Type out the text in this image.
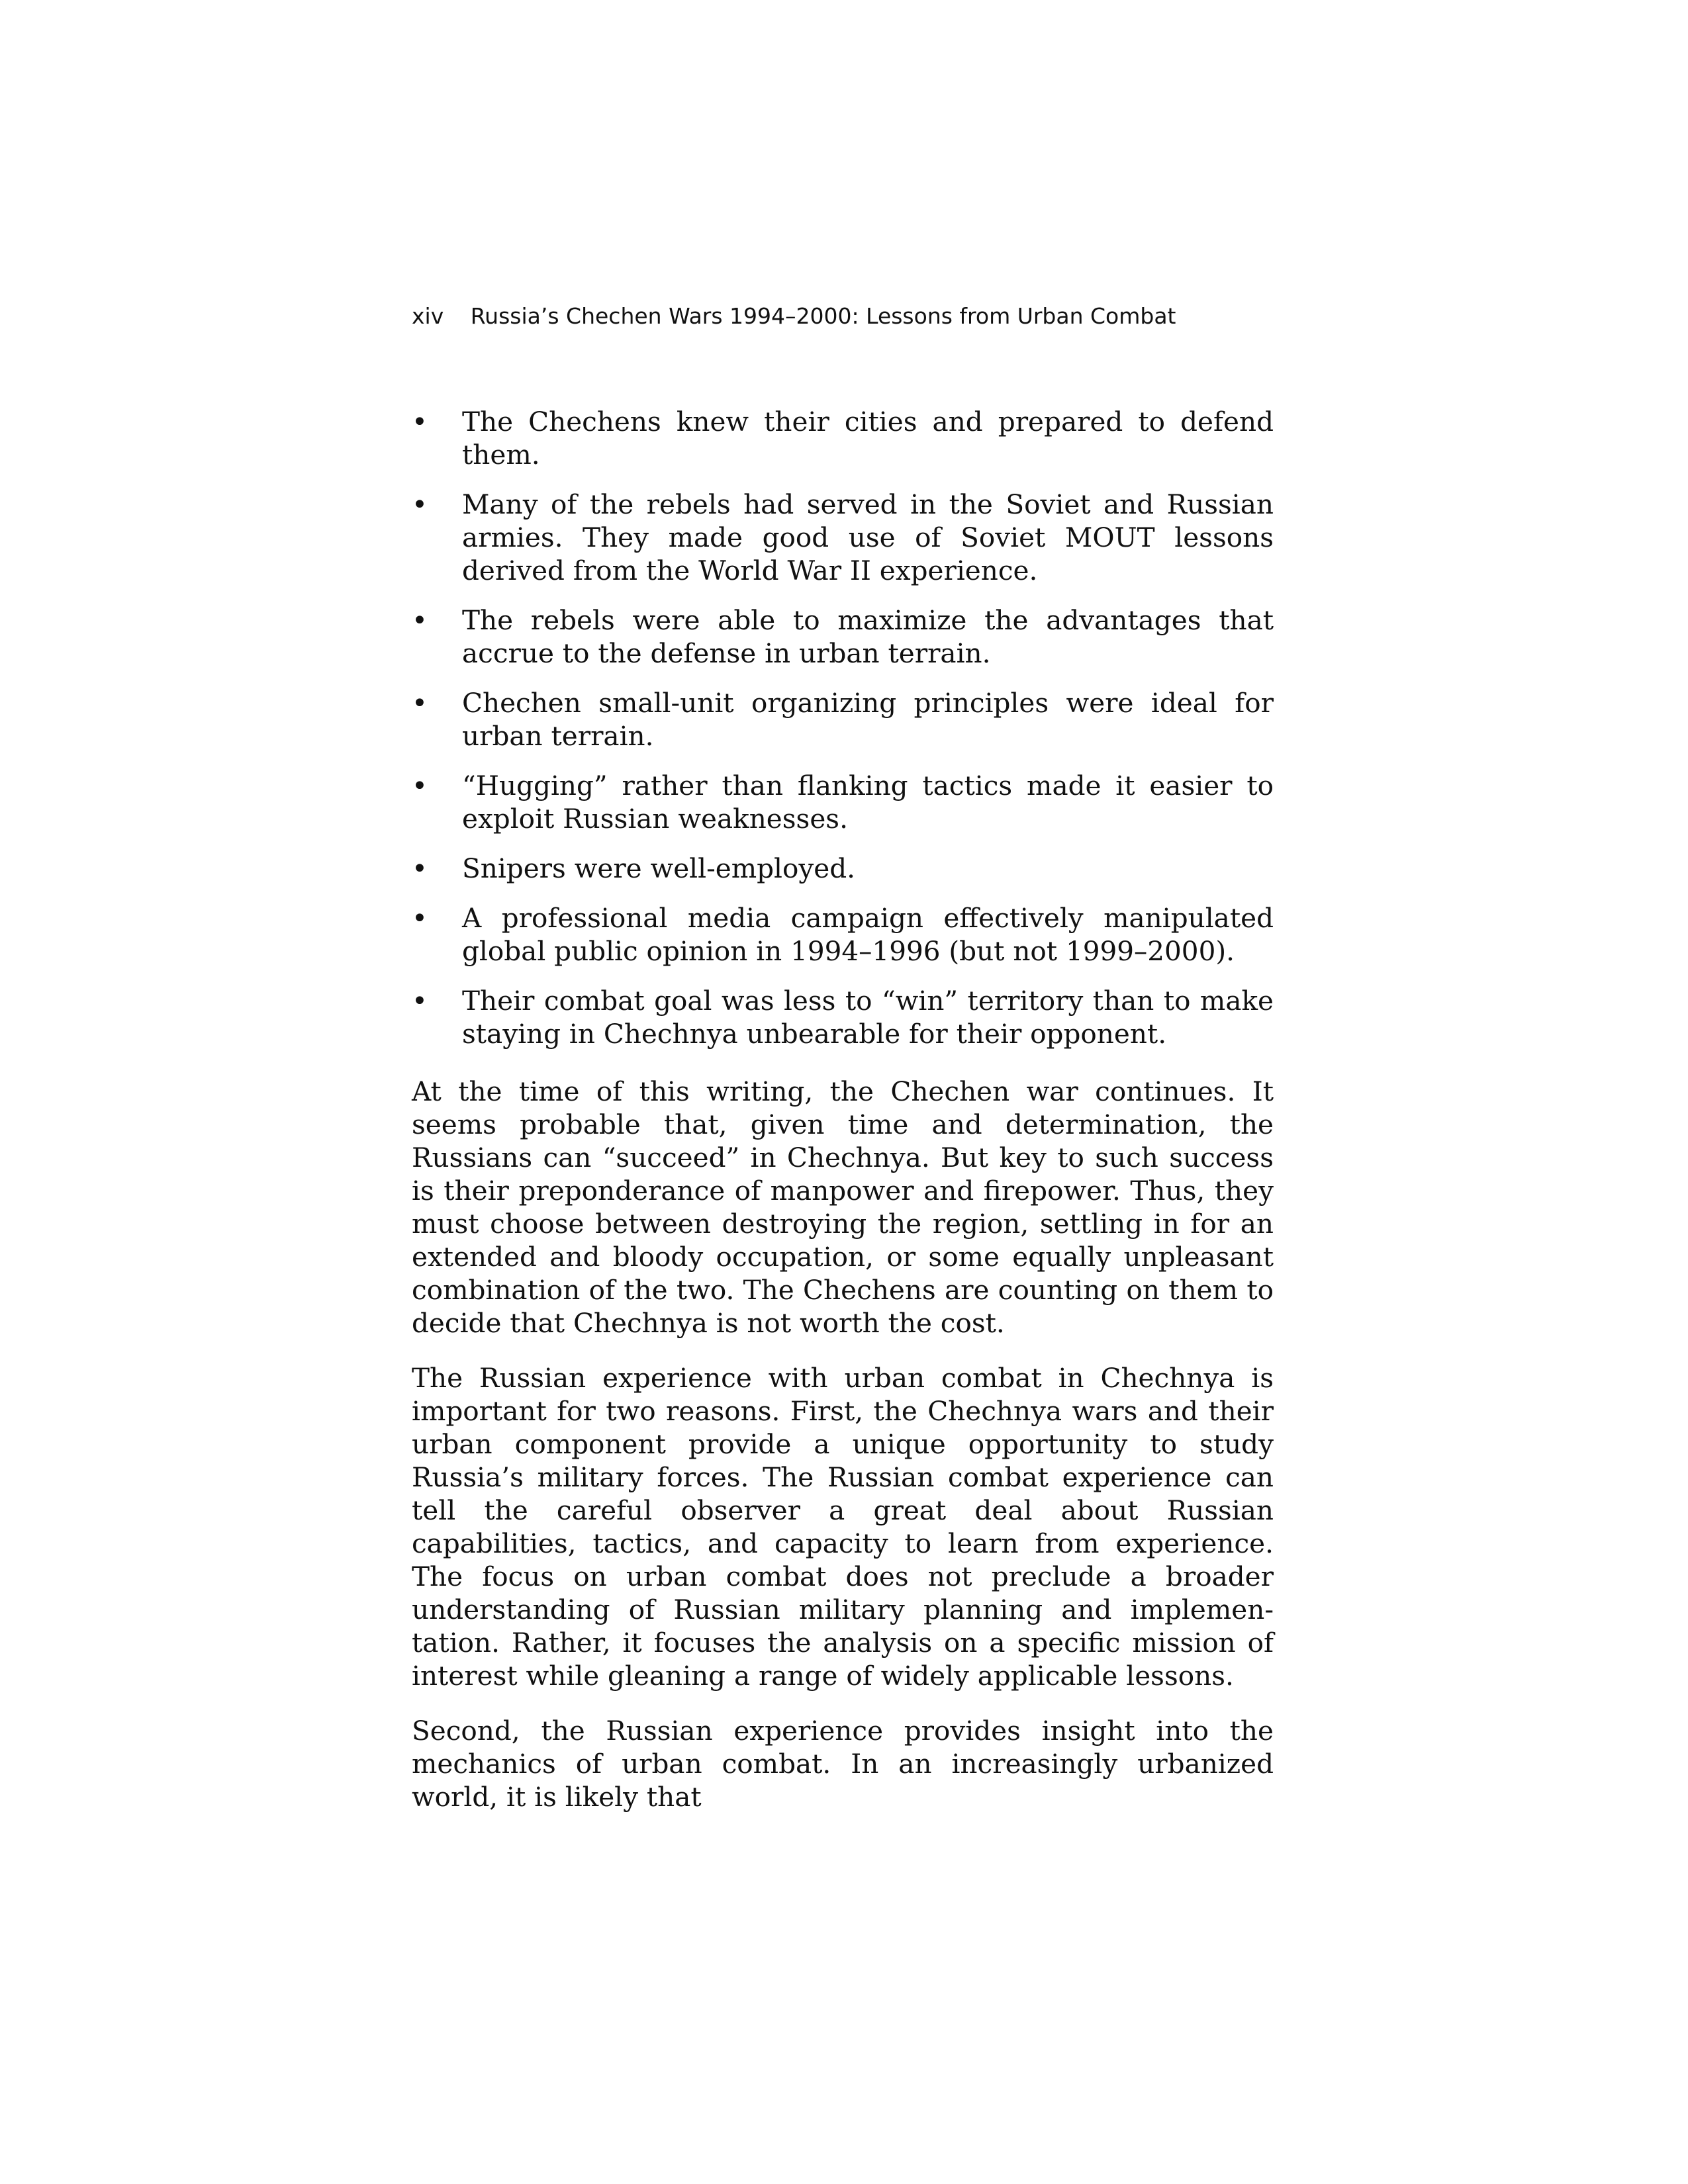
xiv Russia’s Chechen Wars 1994–2000: Lessons from Urban Combat
• The Chechens knew their cities and prepared to defend them.
• Many of the rebels had served in the Soviet and Russian armies. They made good use of Soviet MOUT lessons derived from the World War II experience.
• The rebels were able to maximize the advantages that accrue to the defense in urban terrain.
• Chechen small-unit organizing principles were ideal for urban terrain.
• “Hugging” rather than flanking tactics made it easier to exploit Russian weaknesses.
• Snipers were well-employed.
• A professional media campaign effectively manipulated global public opinion in 1994–1996 (but not 1999–2000).
• Their combat goal was less to “win” territory than to make staying in Chechnya unbearable for their opponent.

At the time of this writing, the Chechen war continues. It seems probable that, given time and determination, the Russians can “succeed” in Chechnya. But key to such success is their preponderance of manpower and firepower. Thus, they must choose between destroying the region, settling in for an extended and bloody occupation, or some equally unpleasant combination of the two. The Chechens are counting on them to decide that Chechnya is not worth the cost.

The Russian experience with urban combat in Chechnya is important for two reasons. First, the Chechnya wars and their urban component provide a unique opportunity to study Russia’s military forces. The Russian combat experience can tell the careful observer a great deal about Russian capabilities, tactics, and capacity to learn from experience. The focus on urban combat does not preclude a broader understanding of Russian military planning and implementation. Rather, it focuses the analysis on a specific mission of interest while gleaning a range of widely applicable lessons.

Second, the Russian experience provides insight into the mechanics of urban combat. In an increasingly urbanized world, it is likely that
